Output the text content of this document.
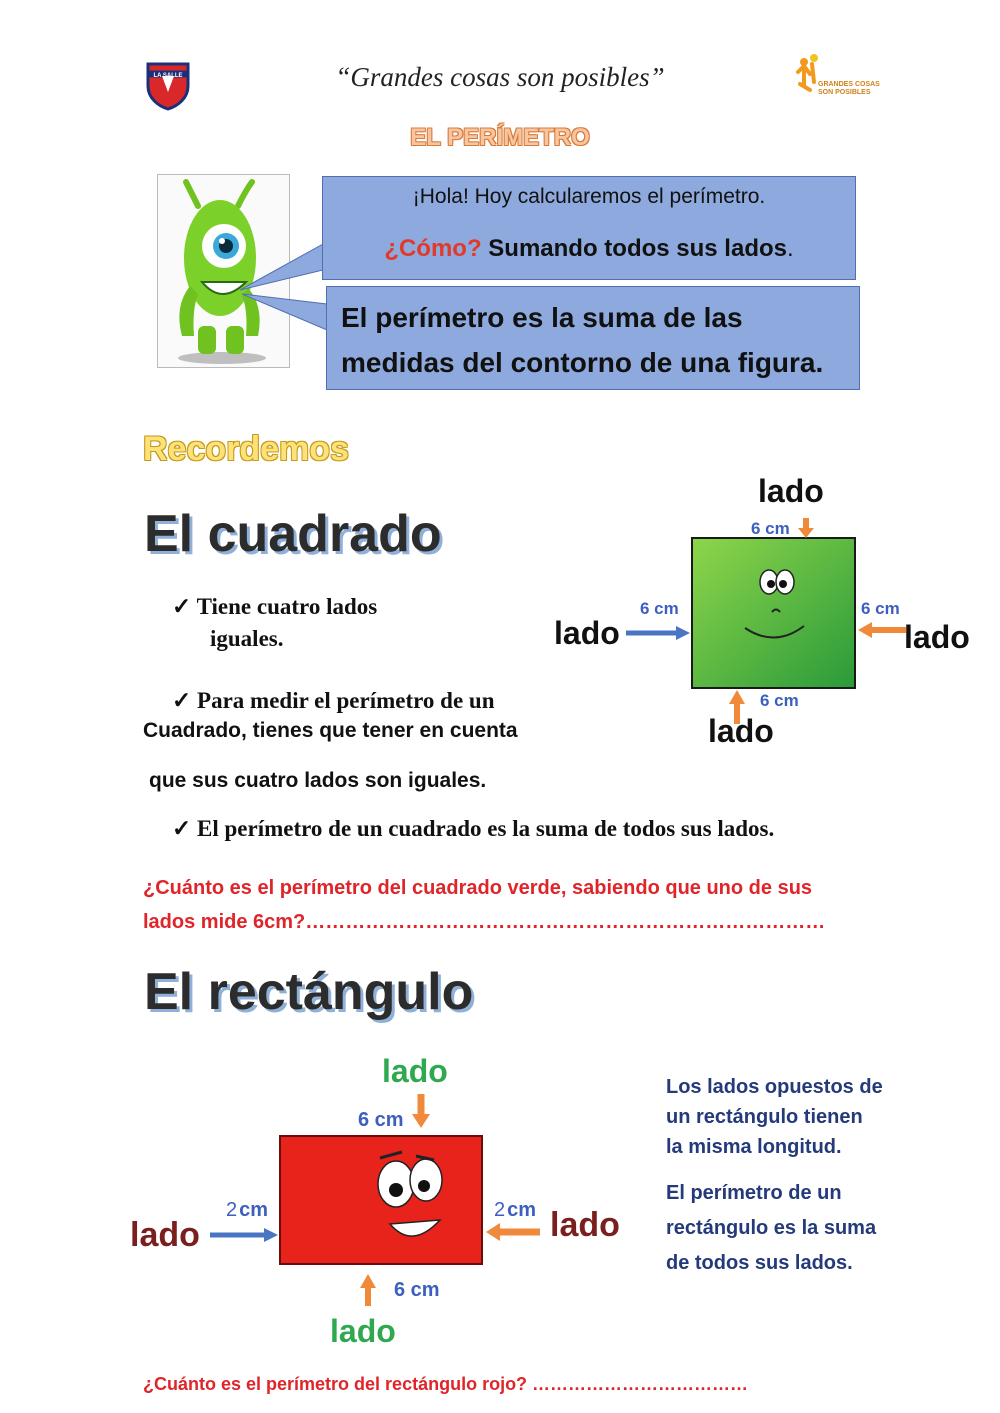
LA SALLE	“Grandes cosas son posibles”	GRANDES COSAS
SON POSIBLES
EL PERÍMETRO
¡Hola! Hoy calcularemos el perímetro.
¿Cómo? Sumando todos sus lados.
El perímetro es la suma de las
medidas del contorno de una figura.
Recordemos
El cuadrado
✓ Tiene cuatro lados
iguales.
✓ Para medir el perímetro de un
Cuadrado, tienes que tener en cuenta
que sus cuatro lados son iguales.
✓ El perímetro de un cuadrado es la suma de todos sus lados.
¿Cuánto es el perímetro del cuadrado verde, sabiendo que uno de sus
lados mide 6cm?……………………………………………………………………
lado
6 cm
lado
6 cm
lado
6 cm
lado
6 cm
El rectángulo
lado
6 cm
lado
2 cm	lado
2 cm
lado
6 cm
Los lados opuestos de
un rectángulo tienen
la misma longitud.
El perímetro de un
rectángulo es la suma
de todos sus lados.
¿Cuánto es el perímetro del rectángulo rojo? ………………………………
